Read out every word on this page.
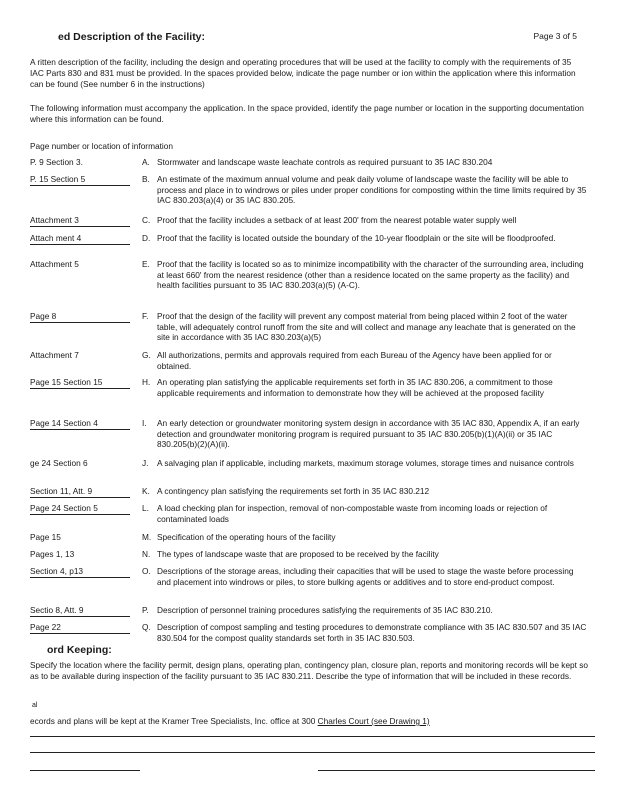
Page 3 of 5
ed Description of the Facility:
A ritten description of the facility, including the design and operating procedures that will be used at the facility to comply with the requirements of 35 IAC Parts 830 and 831 must be provided. In the spaces provided below, indicate the page number or ion within the application where this information can be found (See number 6 in the instructions)
The following information must accompany the application. In the space provided, identify the page number or location in the supporting documentation where this information can be found.
Page number or location of information
P. 9 Section 3.	A. Stormwater and landscape waste leachate controls as required pursuant to 35 IAC 830.204
P. 15 Section 5	B. An estimate of the maximum annual volume and peak daily volume of landscape waste the facility will be able to process and place in to windrows or piles under proper conditions for composting within the time limits required by 35 IAC 830.203(a)(4) or 35 IAC 830.205.
Attachment 3	C. Proof that the facility includes a setback of at least 200' from the nearest potable water supply well
Attach ment 4	D. Proof that the facility is located outside the boundary of the 10-year floodplain or the site will be floodproofed.
Attachment 5	E. Proof that the facility is located so as to minimize incompatibility with the character of the surrounding area, including at least 660' from the nearest residence (other than a residence located on the same property as the facility) and health facilities pursuant to 35 IAC 830.203(a)(5) (A-C).
Page 8	F. Proof that the design of the facility will prevent any compost material from being placed within 2 foot of the water table, will adequately control runoff from the site and will collect and manage any leachate that is generated on the site in accordance with 35 IAC 830.203(a)(5)
Attachment 7	G. All authorizations, permits and approvals required from each Bureau of the Agency have been applied for or obtained.
Page 15 Section 15	H. An operating plan satisfying the applicable requirements set forth in 35 IAC 830.206, a commitment to those applicable requirements and information to demonstrate how they will be achieved at the proposed facility
Page 14 Section 4	I. An early detection or groundwater monitoring system design in accordance with 35 IAC 830, Appendix A, if an early detection and groundwater monitoring program is required pursuant to 35 IAC 830.205(b)(1)(A)(ii) or 35 IAC 830.205(b)(2)(A)(ii).
ge 24 Section 6	J. A salvaging plan if applicable, including markets, maximum storage volumes, storage times and nuisance controls
Section 11, Att. 9	K. A contingency plan satisfying the requirements set forth in 35 IAC 830.212
Page 24 Section 5	L. A load checking plan for inspection, removal of non-compostable waste from incoming loads or rejection of contaminated loads
Page 15	M. Specification of the operating hours of the facility
Pages 1, 13	N. The types of landscape waste that are proposed to be received by the facility
Section 4, p13	O. Descriptions of the storage areas, including their capacities that will be used to stage the waste before processing and placement into windrows or piles, to store bulking agents or additives and to store end-product compost.
Sectio 8, Att. 9	P. Description of personnel training procedures satisfying the requirements of 35 IAC 830.210.
Page 22	Q. Description of compost sampling and testing procedures to demonstrate compliance with 35 IAC 830.507 and 35 IAC 830.504 for the compost quality standards set forth in 35 IAC 830.503.
ord Keeping:
Specify the location where the facility permit, design plans, operating plan, contingency plan, closure plan, reports and monitoring records will be kept so as to be available during inspection of the facility pursuant to 35 IAC 830.211. Describe the type of information that will be included in these records.
al
ecords and plans will be kept at the Kramer Tree Specialists, Inc. office at 300 Charles Court (see Drawing 1)
